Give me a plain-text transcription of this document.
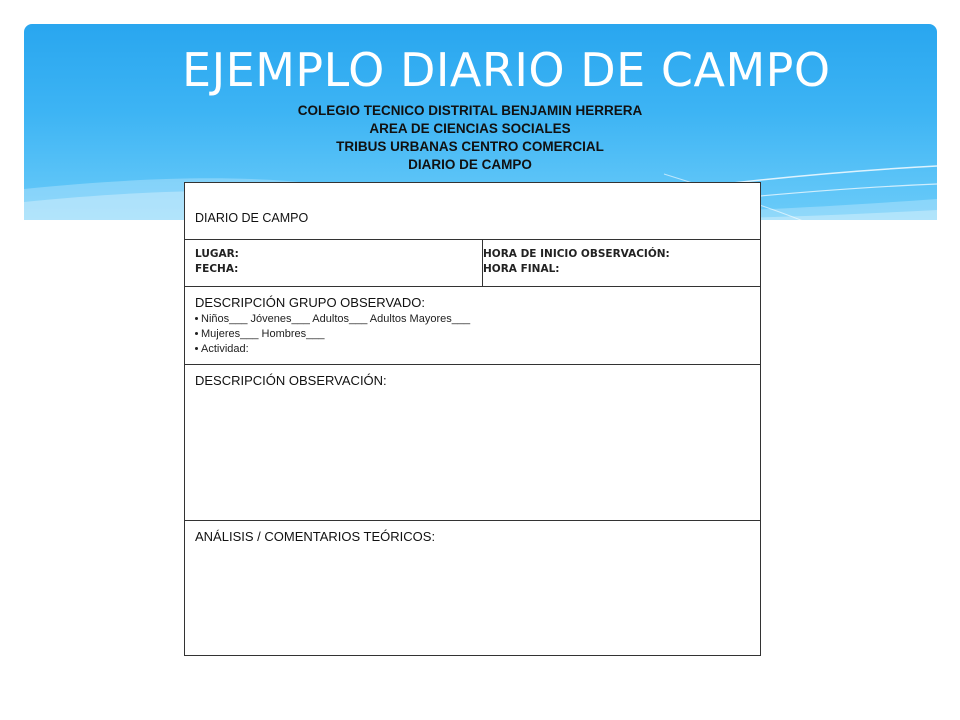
EJEMPLO DIARIO DE CAMPO
COLEGIO TECNICO DISTRITAL BENJAMIN HERRERA
AREA DE CIENCIAS SOCIALES
TRIBUS URBANAS CENTRO COMERCIAL
DIARIO DE CAMPO
DIARIO DE CAMPO
LUGAR:
FECHA:
HORA DE INICIO OBSERVACIÓN:
HORA FINAL:
DESCRIPCIÓN GRUPO OBSERVADO:
Niños___ Jóvenes___ Adultos___ Adultos Mayores___
Mujeres___ Hombres___
Actividad:
DESCRIPCIÓN OBSERVACIÓN:
ANÁLISIS / COMENTARIOS TEÓRICOS:
